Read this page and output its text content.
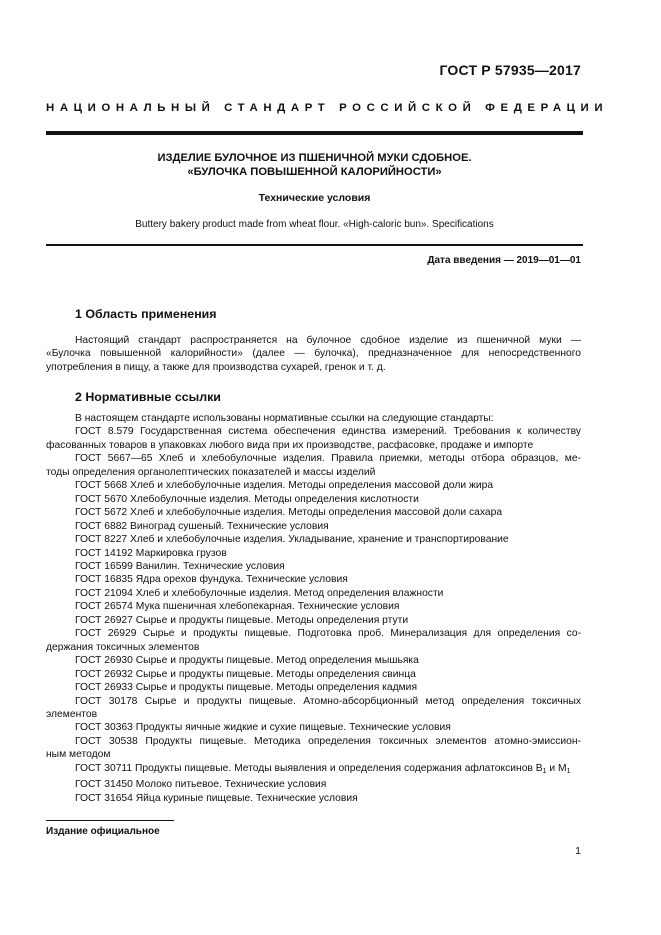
ГОСТ Р 57935—2017
НАЦИОНАЛЬНЫЙ СТАНДАРТ РОССИЙСКОЙ ФЕДЕРАЦИИ
ИЗДЕЛИЕ БУЛОЧНОЕ ИЗ ПШЕНИЧНОЙ МУКИ СДОБНОЕ.
«БУЛОЧКА ПОВЫШЕННОЙ КАЛОРИЙНОСТИ»
Технические условия
Buttery bakery product made from wheat flour. «High-caloric bun». Specifications
Дата введения — 2019—01—01
1 Область применения
Настоящий стандарт распространяется на булочное сдобное изделие из пшеничной муки —
«Булочка повышенной калорийности» (далее — булочка), предназначенное для непосредственного
употребления в пищу, а также для производства сухарей, гренок и т. д.
2 Нормативные ссылки
В настоящем стандарте использованы нормативные ссылки на следующие стандарты:
ГОСТ 8.579 Государственная система обеспечения единства измерений. Требования к количеству
фасованных товаров в упаковках любого вида при их производстве, расфасовке, продаже и импорте
ГОСТ 5667—65 Хлеб и хлебобулочные изделия. Правила приемки, методы отбора образцов, ме-
тоды определения органолептических показателей и массы изделий
ГОСТ 5668 Хлеб и хлебобулочные изделия. Методы определения массовой доли жира
ГОСТ 5670 Хлебобулочные изделия. Методы определения кислотности
ГОСТ 5672 Хлеб и хлебобулочные изделия. Методы определения массовой доли сахара
ГОСТ 6882 Виноград сушеный. Технические условия
ГОСТ 8227 Хлеб и хлебобулочные изделия. Укладывание, хранение и транспортирование
ГОСТ 14192 Маркировка грузов
ГОСТ 16599 Ванилин. Технические условия
ГОСТ 16835 Ядра орехов фундука. Технические условия
ГОСТ 21094 Хлеб и хлебобулочные изделия. Метод определения влажности
ГОСТ 26574 Мука пшеничная хлебопекарная. Технические условия
ГОСТ 26927 Сырье и продукты пищевые. Методы определения ртути
ГОСТ 26929 Сырье и продукты пищевые. Подготовка проб. Минерализация для определения со-
держания токсичных элементов
ГОСТ 26930 Сырье и продукты пищевые. Метод определения мышьяка
ГОСТ 26932 Сырье и продукты пищевые. Методы определения свинца
ГОСТ 26933 Сырье и продукты пищевые. Методы определения кадмия
ГОСТ 30178 Сырье и продукты пищевые. Атомно-абсорбционный метод определения токсичных
элементов
ГОСТ 30363 Продукты яичные жидкие и сухие пищевые. Технические условия
ГОСТ 30538 Продукты пищевые. Методика определения токсичных элементов атомно-эмиссион-
ным методом
ГОСТ 30711 Продукты пищевые. Методы выявления и определения содержания афлатоксинов $B_1$ и $M_1$
ГОСТ 31450 Молоко питьевое. Технические условия
ГОСТ 31654 Яйца куриные пищевые. Технические условия
Издание официальное
1
